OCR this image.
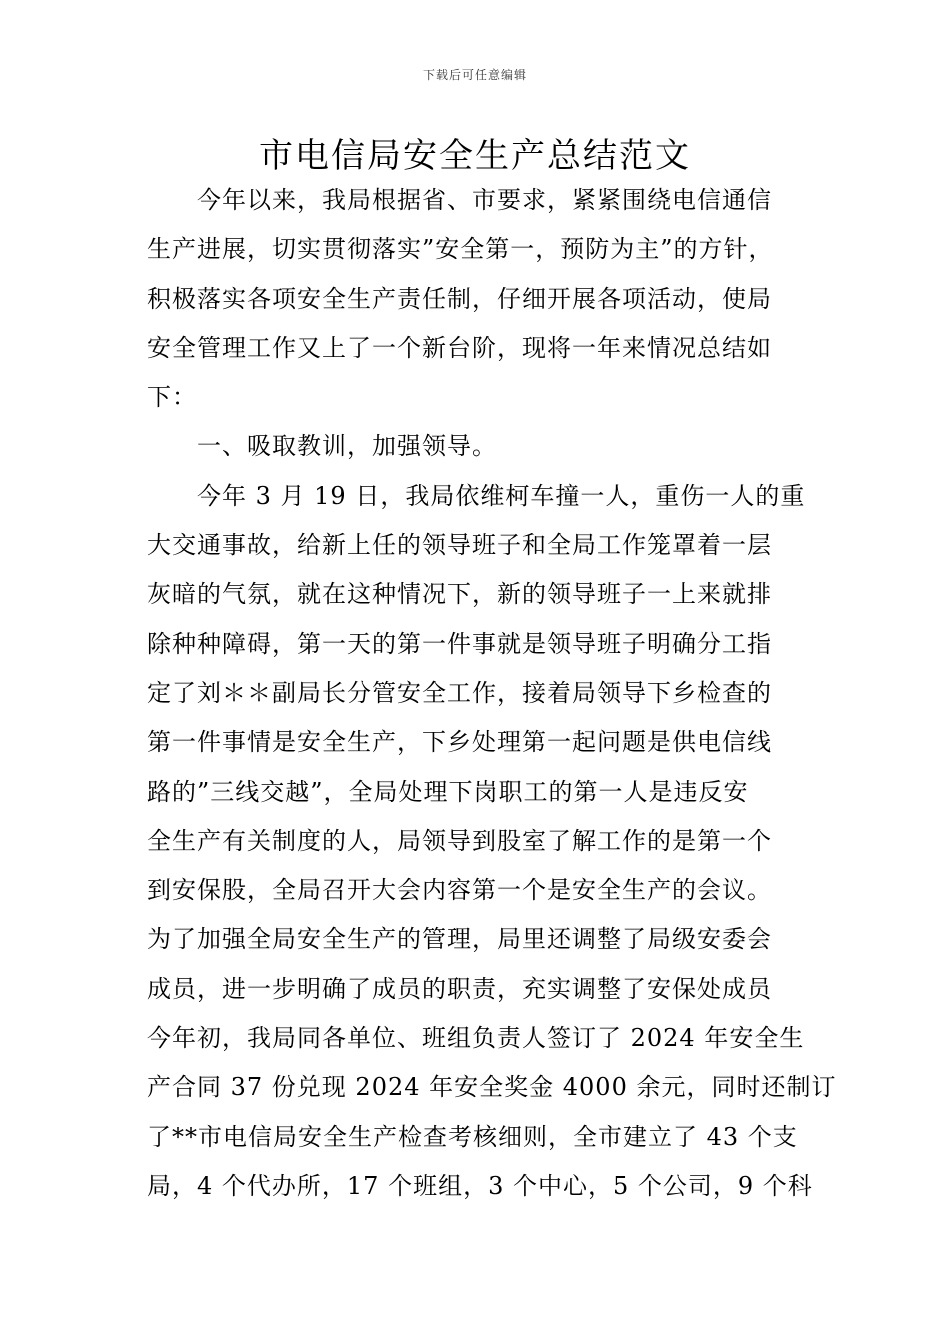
下载后可任意编辑
市电信局安全生产总结范文
今年以来，我局根据省、市要求，紧紧围绕电信通信
生产进展，切实贯彻落实”安全第一，预防为主”的方针，
积极落实各项安全生产责任制，仔细开展各项活动，使局
安全管理工作又上了一个新台阶，现将一年来情况总结如
下：
一、吸取教训，加强领导。
今年 3 月 19 日，我局依维柯车撞一人，重伤一人的重
大交通事故，给新上任的领导班子和全局工作笼罩着一层
灰暗的气氛，就在这种情况下，新的领导班子一上来就排
除种种障碍，第一天的第一件事就是领导班子明确分工指
定了刘＊＊副局长分管安全工作，接着局领导下乡检查的
第一件事情是安全生产，下乡处理第一起问题是供电信线
路的”三线交越”，全局处理下岗职工的第一人是违反安
全生产有关制度的人，局领导到股室了解工作的是第一个
到安保股，全局召开大会内容第一个是安全生产的会议。
为了加强全局安全生产的管理，局里还调整了局级安委会
成员，进一步明确了成员的职责，充实调整了安保处成员
今年初，我局同各单位、班组负责人签订了 2024 年安全生
产合同 37 份兑现 2024 年安全奖金 4000 余元，同时还制订
了**市电信局安全生产检查考核细则，全市建立了 43 个支
局，4 个代办所，17 个班组，3 个中心，5 个公司，9 个科
